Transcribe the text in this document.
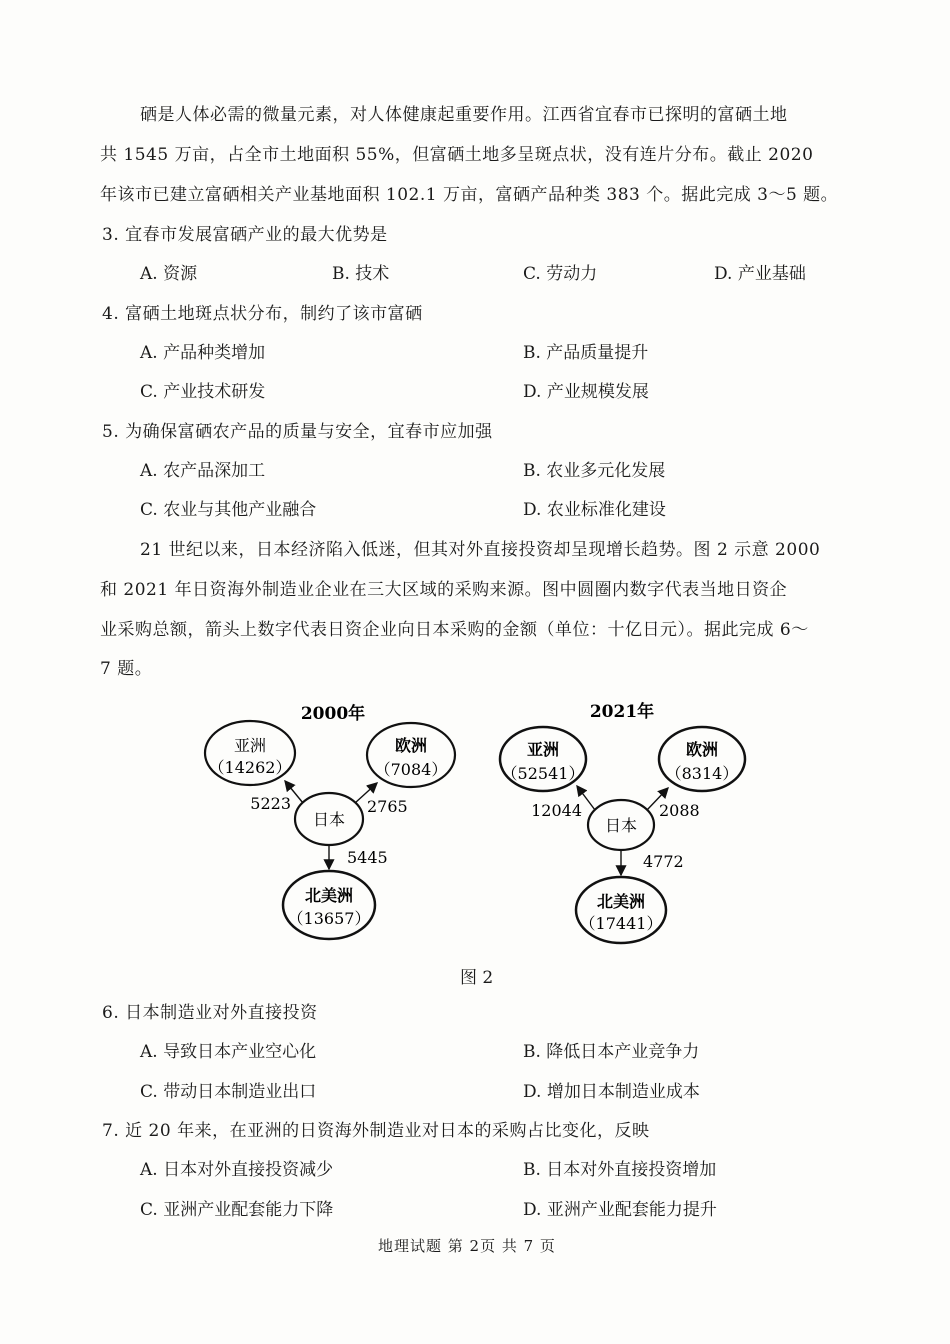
硒是人体必需的微量元素，对人体健康起重要作用。江西省宜春市已探明的富硒土地
共 1545 万亩，占全市土地面积 55%，但富硒土地多呈斑点状，没有连片分布。截止 2020
年该市已建立富硒相关产业基地面积 102.1 万亩，富硒产品种类 383 个。据此完成 3～5 题。
3. 宜春市发展富硒产业的最大优势是
A. 资源	B. 技术	C. 劳动力	D. 产业基础
4. 富硒土地斑点状分布，制约了该市富硒
A. 产品种类增加	B. 产品质量提升
C. 产业技术研发	D. 产业规模发展
5. 为确保富硒农产品的质量与安全，宜春市应加强
A. 农产品深加工	B. 农业多元化发展
C. 农业与其他产业融合	D. 农业标准化建设
21 世纪以来，日本经济陷入低迷，但其对外直接投资却呈现增长趋势。图 2 示意 2000
和 2021 年日资海外制造业企业在三大区域的采购来源。图中圆圈内数字代表当地日资企
业采购总额，箭头上数字代表日资企业向日本采购的金额（单位：十亿日元）。据此完成 6～
7 题。
2000年
亚洲
（14262）
欧洲
（7084）
日本
北美洲
（13657）
5223	2765
5445
2021年
亚洲
（52541）
欧洲
（8314）
日本
北美洲
（17441）
12044	2088
4772
图 2
6. 日本制造业对外直接投资
A. 导致日本产业空心化	B. 降低日本产业竞争力
C. 带动日本制造业出口	D. 增加日本制造业成本
7. 近 20 年来，在亚洲的日资海外制造业对日本的采购占比变化，反映
A. 日本对外直接投资减少	B. 日本对外直接投资增加
C. 亚洲产业配套能力下降	D. 亚洲产业配套能力提升
地理试题 第 2页 共 7 页
